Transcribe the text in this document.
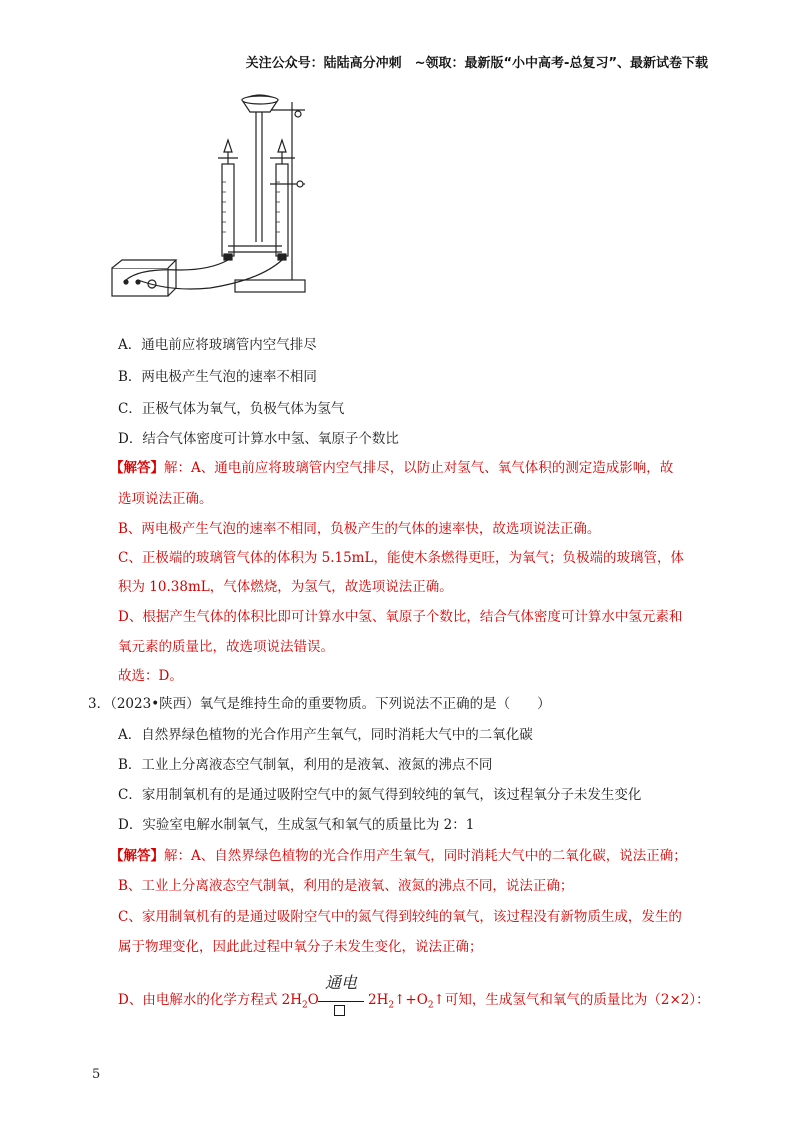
关注公众号：陆陆高分冲刺　~领取：最新版“小中高考-总复习”、最新试卷下载
A．通电前应将玻璃管内空气排尽
B．两电极产生气泡的速率不相同
C．正极气体为氧气，负极气体为氢气
D．结合气体密度可计算水中氢、氧原子个数比
【解答】解：A、通电前应将玻璃管内空气排尽，以防止对氢气、氧气体积的测定造成影响，故
选项说法正确。
B、两电极产生气泡的速率不相同，负极产生的气体的速率快，故选项说法正确。
C、正极端的玻璃管气体的体积为 5.15mL，能使木条燃得更旺，为氧气；负极端的玻璃管，体
积为 10.38mL，气体燃烧，为氢气，故选项说法正确。
D、根据产生气体的体积比即可计算水中氢、氧原子个数比，结合气体密度可计算水中氢元素和
氧元素的质量比，故选项说法错误。
故选：D。
3．（2023•陕西）氧气是维持生命的重要物质。下列说法不正确的是（　　）
A．自然界绿色植物的光合作用产生氧气，同时消耗大气中的二氧化碳
B．工业上分离液态空气制氧，利用的是液氧、液氮的沸点不同
C．家用制氧机有的是通过吸附空气中的氮气得到较纯的氧气，该过程氧分子未发生变化
D．实验室电解水制氧气，生成氢气和氧气的质量比为 2：1
【解答】解：A、自然界绿色植物的光合作用产生氧气，同时消耗大气中的二氧化碳，说法正确；
B、工业上分离液态空气制氧，利用的是液氧、液氮的沸点不同，说法正确；
C、家用制氧机有的是通过吸附空气中的氮气得到较纯的氧气，该过程没有新物质生成，发生的
属于物理变化，因此此过程中氧分子未发生变化，说法正确；
D、由电解水的化学方程式 $2H_2O$
通电
$2H_2↑+O_2↑$可知，生成氢气和氧气的质量比为（2×2）：
5
